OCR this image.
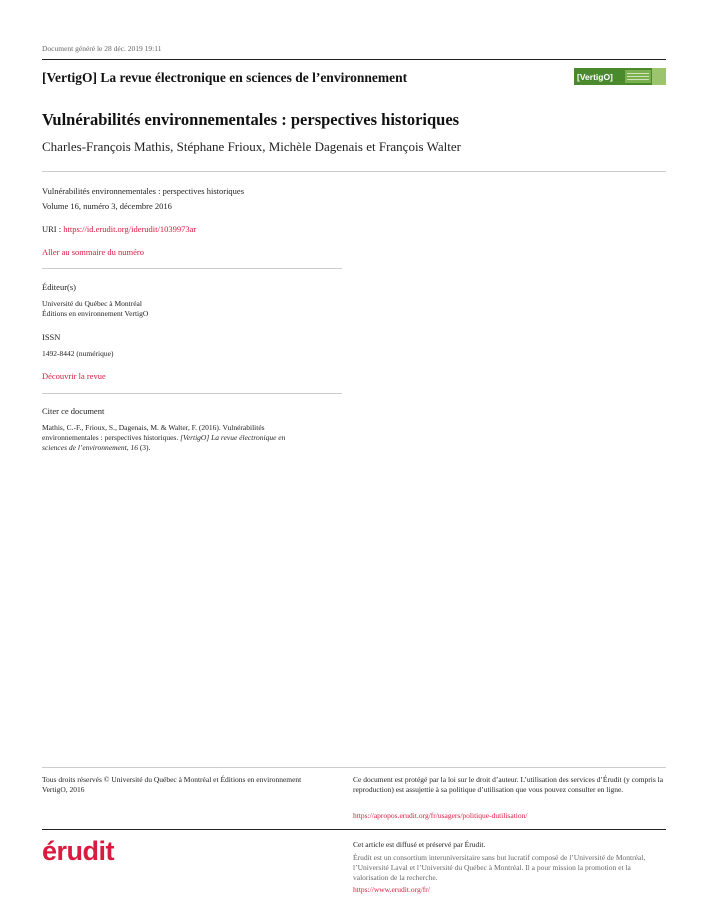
Document généré le 28 déc. 2019 19:11
[VertigO] La revue électronique en sciences de l’environnement	[VertigO]
Vulnérabilités environnementales : perspectives historiques
Charles-François Mathis, Stéphane Frioux, Michèle Dagenais et François Walter
Vulnérabilités environnementales : perspectives historiques
Volume 16, numéro 3, décembre 2016
URI : https://id.erudit.org/iderudit/1039973ar
Aller au sommaire du numéro
Éditeur(s)
Université du Québec à Montréal
Éditions en environnement VertigO
ISSN
1492-8442 (numérique)
Découvrir la revue
Citer ce document
Mathis, C.-F., Frioux, S., Dagenais, M. & Walter, F. (2016). Vulnérabilités
environnementales : perspectives historiques. [VertigO] La revue électronique en
sciences de l’environnement, 16 (3).
Tous droits réservés © Université du Québec à Montréal et Éditions en environnement VertigO, 2016
Ce document est protégé par la loi sur le droit d’auteur. L’utilisation des services d’Érudit (y compris la reproduction) est assujettie à sa politique d’utilisation que vous pouvez consulter en ligne.
https://apropos.erudit.org/fr/usagers/politique-dutilisation/
érudit	Cet article est diffusé et préservé par Érudit.
Érudit est un consortium interuniversitaire sans but lucratif composé de l’Université de Montréal, l’Université Laval et l’Université du Québec à Montréal. Il a pour mission la promotion et la valorisation de la recherche.
https://www.erudit.org/fr/
